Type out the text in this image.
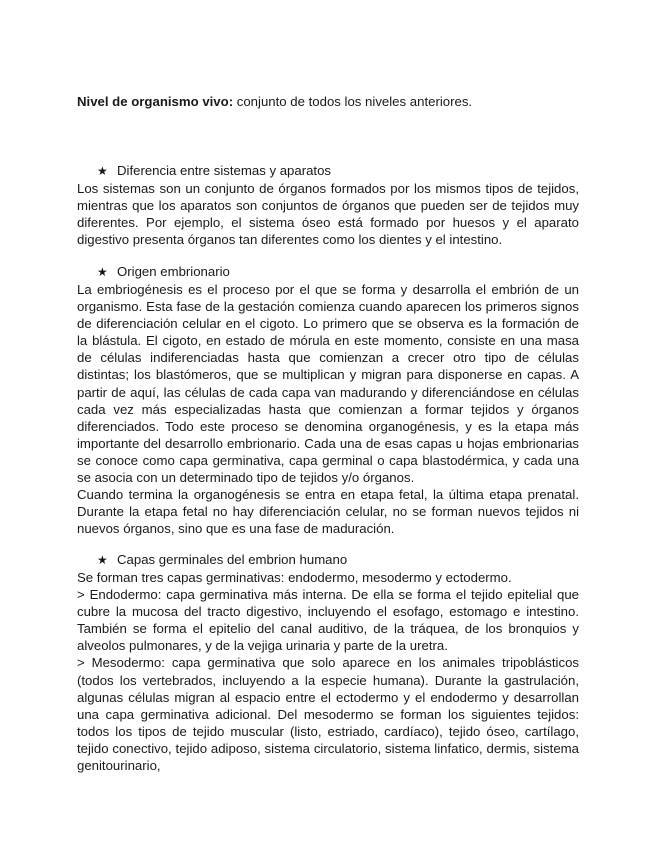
Nivel de organismo vivo: conjunto de todos los niveles anteriores.
★ Diferencia entre sistemas y aparatos

Los sistemas son un conjunto de órganos formados por los mismos tipos de tejidos, mientras que los aparatos son conjuntos de órganos que pueden ser de tejidos muy diferentes. Por ejemplo, el sistema óseo está formado por huesos y el aparato digestivo presenta órganos tan diferentes como los dientes y el intestino.

★ Origen embrionario

La embriogénesis es el proceso por el que se forma y desarrolla el embrión de un organismo. Esta fase de la gestación comienza cuando aparecen los primeros signos de diferenciación celular en el cigoto. Lo primero que se observa es la formación de la blástula. El cigoto, en estado de mórula en este momento, consiste en una masa de células indiferenciadas hasta que comienzan a crecer otro tipo de células distintas; los blastómeros, que se multiplican y migran para disponerse en capas. A partir de aquí, las células de cada capa van madurando y diferenciándose en células cada vez más especializadas hasta que comienzan a formar tejidos y órganos diferenciados. Todo este proceso se denomina organogénesis, y es la etapa más importante del desarrollo embrionario. Cada una de esas capas u hojas embrionarias se conoce como capa germinativa, capa germinal o capa blastodérmica, y cada una se asocia con un determinado tipo de tejidos y/o órganos.

Cuando termina la organogénesis se entra en etapa fetal, la última etapa prenatal. Durante la etapa fetal no hay diferenciación celular, no se forman nuevos tejidos ni nuevos órganos, sino que es una fase de maduración.

★ Capas germinales del embrion humano

Se forman tres capas germinativas: endodermo, mesodermo y ectodermo.

> Endodermo: capa germinativa más interna. De ella se forma el tejido epitelial que cubre la mucosa del tracto digestivo, incluyendo el esofago, estomago e intestino. También se forma el epitelio del canal auditivo, de la tráquea, de los bronquios y alveolos pulmonares, y de la vejiga urinaria y parte de la uretra.

> Mesodermo: capa germinativa que solo aparece en los animales tripoblásticos (todos los vertebrados, incluyendo a la especie humana). Durante la gastrulación, algunas células migran al espacio entre el ectodermo y el endodermo y desarrollan una capa germinativa adicional. Del mesodermo se forman los siguientes tejidos: todos los tipos de tejido muscular (listo, estriado, cardíaco), tejido óseo, cartílago, tejido conectivo, tejido adiposo, sistema circulatorio, sistema linfatico, dermis, sistema genitourinario,
